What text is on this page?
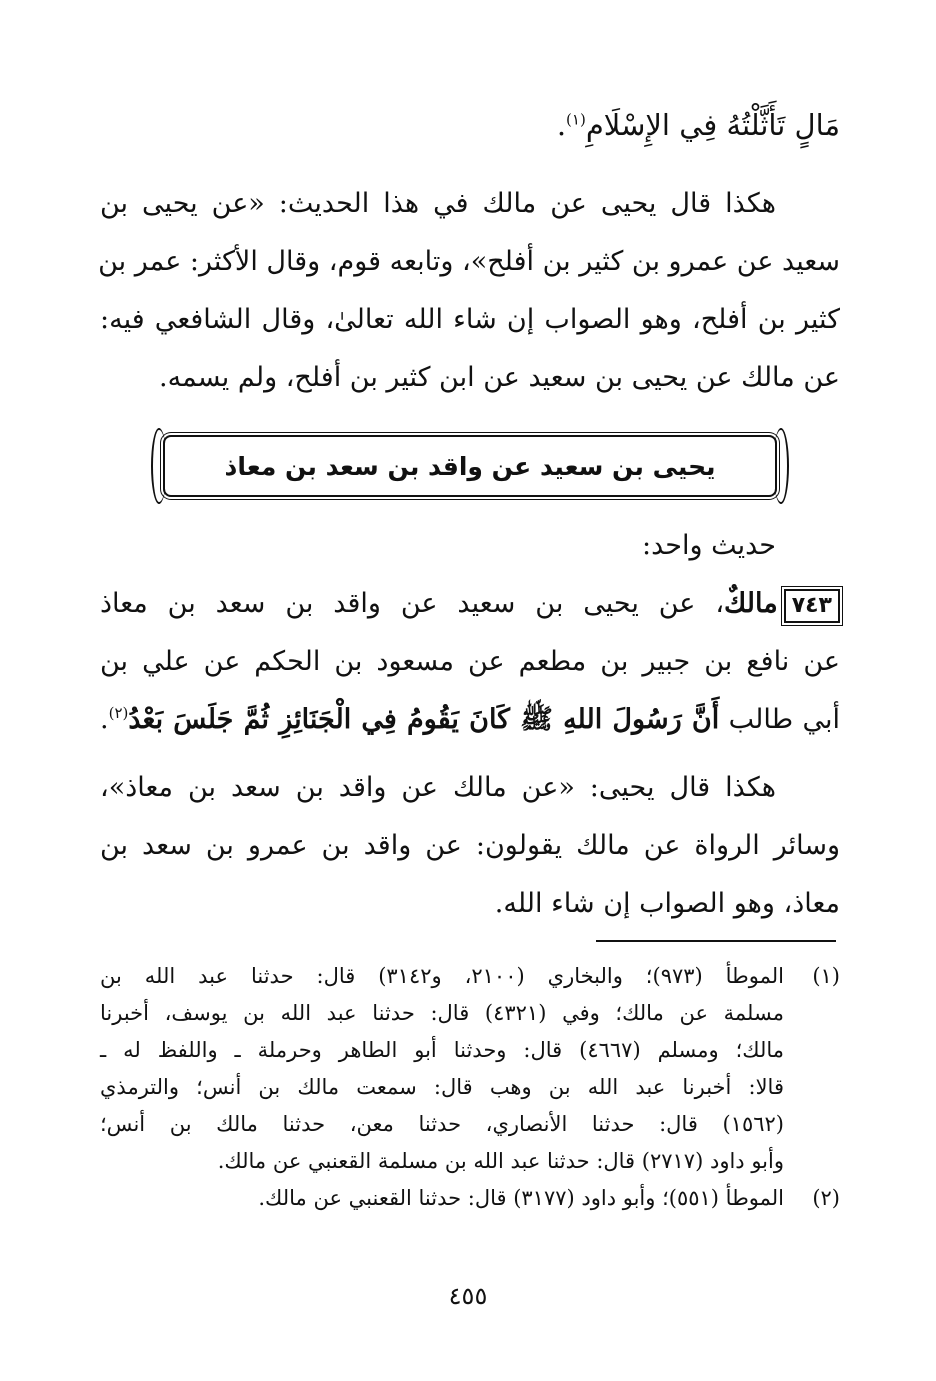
مَالٍ تَأَثَّلْتُهُ فِي الإِسْلَامِ$^{(١)}$.
هكذا قال يحيى عن مالك في هذا الحديث: «عن يحيى بن
سعيد عن عمرو بن كثير بن أفلح»، وتابعه قوم، وقال الأكثر: عمر بن
كثير بن أفلح، وهو الصواب إن شاء الله تعالىٰ، وقال الشافعي فيه:
عن مالك عن يحيى بن سعيد عن ابن كثير بن أفلح، ولم يسمه.
يحيى بن سعيد عن واقد بن سعد بن معاذ
حديث واحد:
٧٤٣مالكٌ، عن يحيى بن سعيد عن واقد بن سعد بن معاذ
عن نافع بن جبير بن مطعم عن مسعود بن الحكم عن علي بن
أبي طالب أَنَّ رَسُولَ اللهِ ﷺ كَانَ يَقُومُ فِي الْجَنَائِزِ ثُمَّ جَلَسَ بَعْدُ$^{(٢)}$.
هكذا قال يحيى: «عن مالك عن واقد بن سعد بن معاذ»،
وسائر الرواة عن مالك يقولون: عن واقد بن عمرو بن سعد بن
معاذ، وهو الصواب إن شاء الله.
(١)
الموطأ (٩٧٣)؛ والبخاري (٢١٠٠، و٣١٤٢) قال: حدثنا عبد الله بن
مسلمة عن مالك؛ وفي (٤٣٢١) قال: حدثنا عبد الله بن يوسف، أخبرنا
مالك؛ ومسلم (٤٦٦٧) قال: وحدثنا أبو الطاهر وحرملة ـ واللفظ له ـ
قالا: أخبرنا عبد الله بن وهب قال: سمعت مالك بن أنس؛ والترمذي
(١٥٦٢) قال: حدثنا الأنصاري، حدثنا معن، حدثنا مالك بن أنس؛
وأبو داود (٢٧١٧) قال: حدثنا عبد الله بن مسلمة القعنبي عن مالك.
(٢)
الموطأ (٥٥١)؛ وأبو داود (٣١٧٧) قال: حدثنا القعنبي عن مالك.
٤٥٥
